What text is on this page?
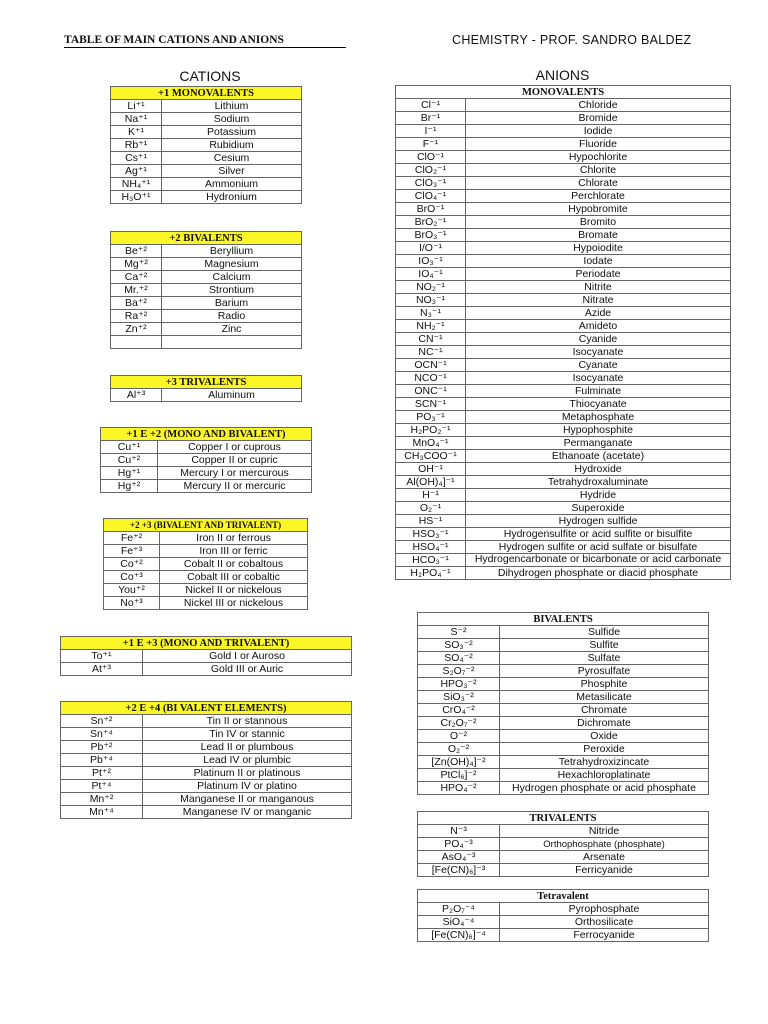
TABLE OF MAIN CATIONS AND ANIONS	CHEMISTRY - PROF. SANDRO BALDEZ
CATIONS	ANIONS
+1 MONOVALENTS	
Li⁺¹	Lithium
Na⁺¹	Sodium
K⁺¹	Potassium
Rb⁺¹	Rubidium
Cs⁺¹	Cesium
Ag⁺¹	Silver
NH₄⁺¹	Ammonium
H₃O⁺¹	Hydronium
+2 BIVALENTS	
Be⁺²	Beryllium
Mg⁺²	Magnesium
Ca⁺²	Calcium
Mr.⁺²	Strontium
Ba⁺²	Barium
Ra⁺²	Radio
Zn⁺²	Zinc

+3 TRIVALENTS
Al⁺³	Aluminum
+1 E +2 (MONO AND BIVALENT)	
Cu⁺¹	Copper I or cuprous
Cu⁺²	Copper II or cupric
Hg⁺¹	Mercury I or mercurous
Hg⁺²	Mercury II or mercuric
+2 +3 (BIVALENT AND TRIVALENT)	
Fe⁺²	Iron II or ferrous
Fe⁺³	Iron III or ferric
Co⁺²	Cobalt II or cobaltous
Co⁺³	Cobalt III or cobaltic
You⁺²	Nickel II or nickelous
No⁺³	Nickel III or nickelous
+1 E +3 (MONO AND TRIVALENT)	
To⁺¹	Gold I or Auroso
At⁺³	Gold III or Auric
+2 E +4 (BI VALENT ELEMENTS)	
Sn⁺²	Tin II or stannous
Sn⁺⁴	Tin IV or stannic
Pb⁺²	Lead II or plumbous
Pb⁺⁴	Lead IV or plumbic
Pt⁺²	Platinum II or platinous
Pt⁺⁴	Platinum IV or platino
Mn⁺²	Manganese II or manganous
Mn⁺⁴	Manganese IV or manganic
MONOVALENTS	
Cl⁻¹	Chloride
Br⁻¹	Bromide
I⁻¹	Iodide
F⁻¹	Fluoride
ClO⁻¹	Hypochlorite
ClO₂⁻¹	Chlorite
ClO₃⁻¹	Chlorate
ClO₄⁻¹	Perchlorate
BrO⁻¹	Hypobromite
BrO₂⁻¹	Bromito
BrO₃⁻¹	Bromate
I/O⁻¹	Hypoiodite
IO₃⁻¹	Iodate
IO₄⁻¹	Periodate
NO₂⁻¹	Nitrite
NO₃⁻¹	Nitrate
N₃⁻¹	Azide
NH₂⁻¹	Amideto
CN⁻¹	Cyanide
NC⁻¹	Isocyanate
OCN⁻¹	Cyanate
NCO⁻¹	Isocyanate
ONC⁻¹	Fulminate
SCN⁻¹	Thiocyanate
PO₃⁻¹	Metaphosphate
H₂PO₂⁻¹	Hypophosphite
MnO₄⁻¹	Permanganate
CH₃COO⁻¹	Ethanoate (acetate)
OH⁻¹	Hydroxide
Al(OH)₄]⁻¹	Tetrahydroxaluminate
H⁻¹	Hydride
O₂⁻¹	Superoxide
HS⁻¹	Hydrogen sulfide
HSO₃⁻¹	Hydrogensulfite or acid sulfite or bisulfite
HSO₄⁻¹	Hydrogen sulfite or acid sulfate or bisulfate
HCO₃⁻¹	Hydrogencarbonate or bicarbonate or acid carbonate
H₂PO₄⁻¹	Dihydrogen phosphate or diacid phosphate
BIVALENTS	
S⁻²	Sulfide
SO₃⁻²	Sulfite
SO₄⁻²	Sulfate
S₂O₇⁻²	Pyrosulfate
HPO₃⁻²	Phosphite
SiO₃⁻²	Metasilicate
CrO₄⁻²	Chromate
Cr₂O₇⁻²	Dichromate
O⁻²	Oxide
O₂⁻²	Peroxide
[Zn(OH)₄]⁻²	Tetrahydroxizincate
PtCl₆]⁻²	Hexachloroplatinate
HPO₄⁻²	Hydrogen phosphate or acid phosphate
TRIVALENTS	
N⁻³	Nitride
PO₄⁻³	Orthophosphate (phosphate)
AsO₄⁻³	Arsenate
[Fe(CN)₆]⁻³	Ferricyanide
Tetravalent	
P₂O₇⁻⁴	Pyrophosphate
SiO₄⁻⁴	Orthosilicate
[Fe(CN)₆]⁻⁴	Ferrocyanide
